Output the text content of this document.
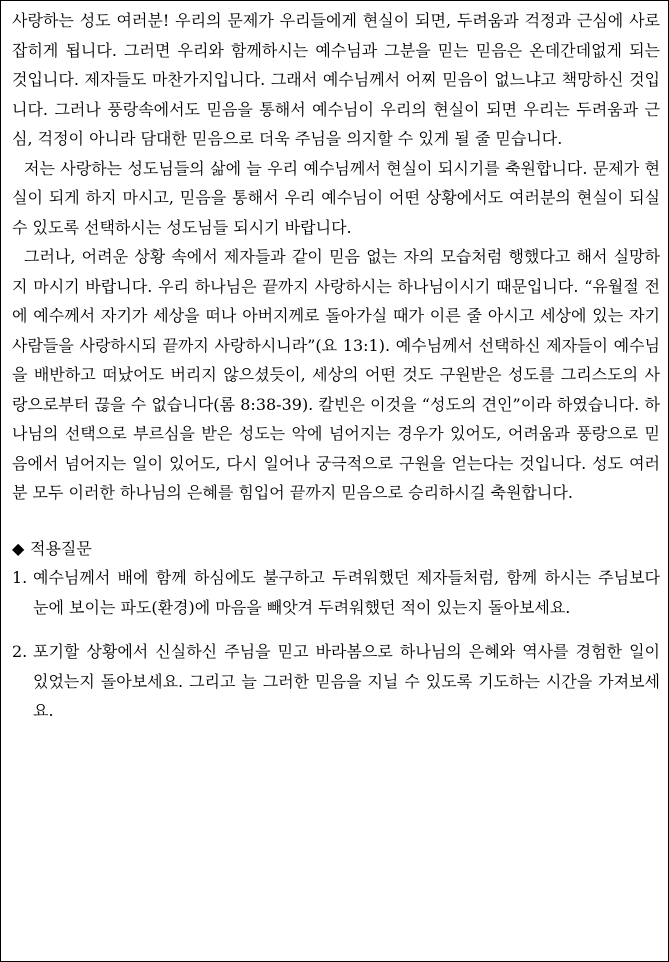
사랑하는 성도 여러분! 우리의 문제가 우리들에게 현실이 되면, 두려움과 걱정과 근심에 사로잡히게 됩니다. 그러면 우리와 함께하시는 예수님과 그분을 믿는 믿음은 온데간데없게 되는 것입니다. 제자들도 마찬가지입니다. 그래서 예수님께서 어찌 믿음이 없느냐고 책망하신 것입니다. 그러나 풍랑속에서도 믿음을 통해서 예수님이 우리의 현실이 되면 우리는 두려움과 근심, 걱정이 아니라 담대한 믿음으로 더욱 주님을 의지할 수 있게 될 줄 믿습니다.

저는 사랑하는 성도님들의 삶에 늘 우리 예수님께서 현실이 되시기를 축원합니다. 문제가 현실이 되게 하지 마시고, 믿음을 통해서 우리 예수님이 어떤 상황에서도 여러분의 현실이 되실 수 있도록 선택하시는 성도님들 되시기 바랍니다.

그러나, 어려운 상황 속에서 제자들과 같이 믿음 없는 자의 모습처럼 행했다고 해서 실망하지 마시기 바랍니다. 우리 하나님은 끝까지 사랑하시는 하나님이시기 때문입니다. “유월절 전에 예수께서 자기가 세상을 떠나 아버지께로 돌아가실 때가 이른 줄 아시고 세상에 있는 자기 사람들을 사랑하시되 끝까지 사랑하시니라”(요 13:1). 예수님께서 선택하신 제자들이 예수님을 배반하고 떠났어도 버리지 않으셨듯이, 세상의 어떤 것도 구원받은 성도를 그리스도의 사랑으로부터 끊을 수 없습니다(롬 8:38-39). 칼빈은 이것을 “성도의 견인”이라 하였습니다. 하나님의 선택으로 부르심을 받은 성도는 악에 넘어지는 경우가 있어도, 어려움과 풍랑으로 믿음에서 넘어지는 일이 있어도, 다시 일어나 궁극적으로 구원을 얻는다는 것입니다. 성도 여러분 모두 이러한 하나님의 은혜를 힘입어 끝까지 믿음으로 승리하시길 축원합니다.

◆ 적용질문

1. 예수님께서 배에 함께 하심에도 불구하고 두려워했던 제자들처럼, 함께 하시는 주님보다 눈에 보이는 파도(환경)에 마음을 빼앗겨 두려워했던 적이 있는지 돌아보세요.
2. 포기할 상황에서 신실하신 주님을 믿고 바라봄으로 하나님의 은혜와 역사를 경험한 일이 있었는지 돌아보세요. 그리고 늘 그러한 믿음을 지닐 수 있도록 기도하는 시간을 가져보세요.
